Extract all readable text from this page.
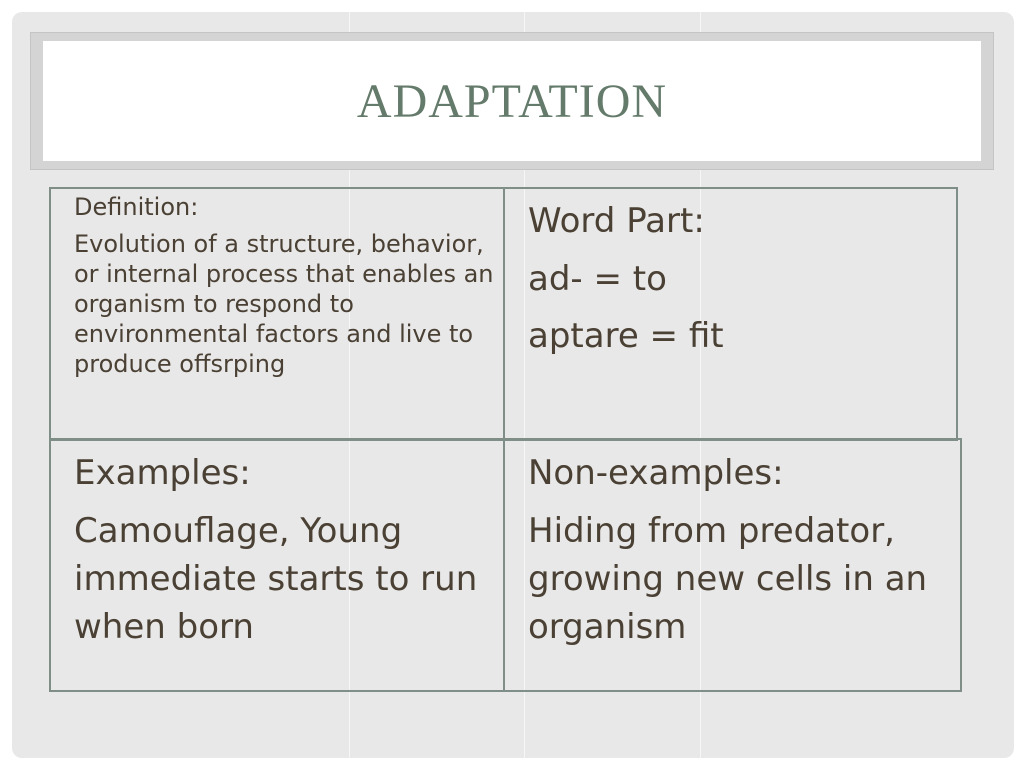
ADAPTATION
Definition:
Evolution of a structure, behavior, or internal process that enables an organism to respond to environmental factors and live to produce offsrping
Word Part:
ad- = to
aptare = fit
Examples:
Camouflage, Young immediate starts to run when born
Non-examples:
Hiding from predator, growing new cells in an organism
